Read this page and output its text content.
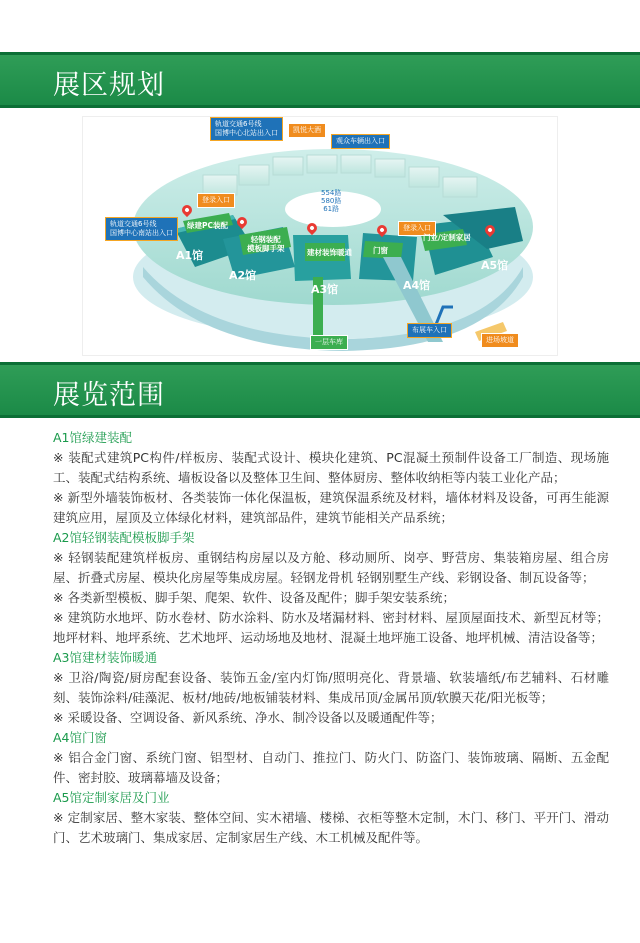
展区规划
轨道交通6号线
国博中心北站出入口
轨道交通6号线
国博中心南站出入口
登录入口
登录入口
凯悦大酒
观众车辆出入口
布展车入口
进场坡道
一层车库
554路
580路
61路
绿建PC装配
轻钢装配
模板脚手架	建材装饰暖通	门窗
门业/定制家居
A1馆
A2馆
A3馆	A4馆
A5馆
展览范围
A1馆绿建装配
※ 装配式建筑PC构件/样板房、装配式设计、模块化建筑、PC混凝土预制件设备工厂制造、现场施工、装配式结构系统、墙板设备以及整体卫生间、整体厨房、整体收纳柜等内装工业化产品；
※ 新型外墙装饰板材、各类装饰一体化保温板，建筑保温系统及材料，墙体材料及设备，可再生能源建筑应用，屋顶及立体绿化材料，建筑部品件，建筑节能相关产品系统；
A2馆轻钢装配模板脚手架
※ 轻钢装配建筑样板房、重钢结构房屋以及方舱、移动厕所、岗亭、野营房、集装箱房屋、组合房屋、折叠式房屋、模块化房屋等集成房屋。轻钢龙骨机 轻钢别墅生产线、彩钢设备、制瓦设备等；
※ 各类新型模板、脚手架、爬架、软件、设备及配件；脚手架安装系统；
※ 建筑防水地坪、防水卷材、防水涂料、防水及堵漏材料、密封材料、屋顶屋面技术、新型瓦材等；地坪材料、地坪系统、艺术地坪、运动场地及地材、混凝土地坪施工设备、地坪机械、清洁设备等；
A3馆建材装饰暖通
※ 卫浴/陶瓷/厨房配套设备、装饰五金/室内灯饰/照明亮化、背景墙、软装墙纸/布艺辅料、石材雕刻、装饰涂料/硅藻泥、板材/地砖/地板铺装材料、集成吊顶/金属吊顶/软膜天花/阳光板等；
※ 采暖设备、空调设备、新风系统、净水、制冷设备以及暖通配件等；
A4馆门窗
※ 铝合金门窗、系统门窗、铝型材、自动门、推拉门、防火门、防盗门、装饰玻璃、隔断、五金配件、密封胶、玻璃幕墙及设备；
A5馆定制家居及门业
※ 定制家居、整木家装、整体空间、实木裙墙、楼梯、衣柜等整木定制，木门、移门、平开门、滑动门、艺术玻璃门、集成家居、定制家居生产线、木工机械及配件等。
